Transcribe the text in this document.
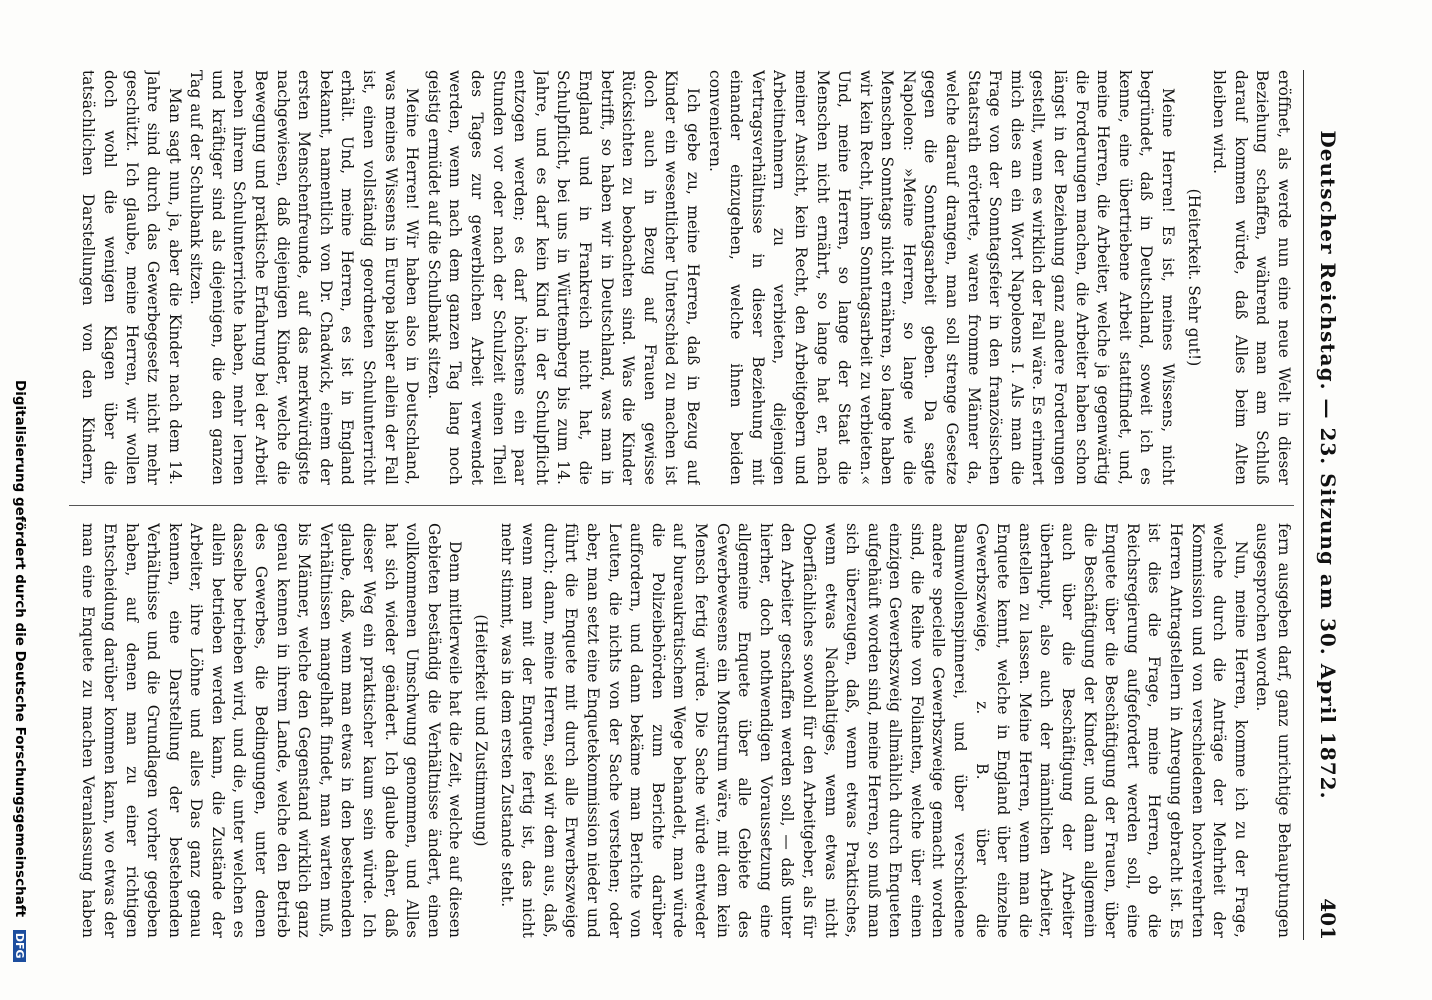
Deutscher Reichstag. — 23. Sitzung am 30. April 1872.
401

eröffnet, als werde nun eine neue Welt in dieser Beziehung schaffen, während man am Schluß darauf kommen würde, daß Alles beim Alten bleiben wird.

(Heiterkeit. Sehr gut!)

Meine Herren! Es ist, meines Wissens, nicht begründet, daß in Deutschland, soweit ich es kenne, eine übertriebene Arbeit stattfindet, und, meine Herren, die Arbeiter, welche ja gegenwärtig die Forderungen machen, die Arbeiter haben schon längst in der Beziehung ganz andere Forderungen gestellt, wenn es wirklich der Fall wäre. Es erinnert mich dies an ein Wort Napoleons I. Als man die Frage von der Sonntagsfeier in den französischen Staatsrath erörterte, waren fromme Männer da, welche darauf drangen, man soll strenge Gesetze gegen die Sonntagsarbeit geben. Da sagte Napoleon: »Meine Herren, so lange wie die Menschen Sonntags nicht ernähren, so lange haben wir kein Recht, ihnen Sonntagsarbeit zu verbieten.« Und, meine Herren, so lange der Staat die Menschen nicht ernährt, so lange hat er, nach meiner Ansicht, kein Recht, den Arbeitgebern und Arbeitnehmern zu verbieten, diejenigen Vertragsverhältnisse in dieser Beziehung mit einander einzugehen, welche ihnen beiden convenieren.

Ich gebe zu, meine Herren, daß in Bezug auf Kinder ein wesentlicher Unterschied zu machen ist doch auch in Bezug auf Frauen gewisse Rücksichten zu beobachten sind. Was die Kinder betrifft, so haben wir in Deutschland, was man in England und in Frankreich nicht hat, die Schulpflicht, bei uns in Württemberg bis zum 14. Jahre, und es darf kein Kind in der Schulpflicht entzogen werden; es darf höchstens ein paar Stunden vor oder nach der Schulzeit einen Theil des Tages zur gewerblichen Arbeit verwendet werden, wenn nach dem ganzen Tag lang noch geistig ermüdet auf die Schulbank sitzen.

Meine Herren! Wir haben also in Deutschland, was meines Wissens in Europa bisher allein der Fall ist, einen vollständig geordneten Schulunterricht erhält. Und, meine Herren, es ist in England bekannt, namentlich von Dr. Chadwick, einem der ersten Menschenfreunde, auf das merkwürdigste nachgewiesen, daß diejenigen Kinder, welche die Bewegung und praktische Erfahrung bei der Arbeit neben ihrem Schulunterrichte haben, mehr lernen und kräftiger sind als diejenigen, die den ganzen Tag auf der Schulbank sitzen.

Man sagt nun, ja, aber die Kinder nach dem 14. Jahre sind durch das Gewerbegesetz nicht mehr geschützt. Ich glaube, meine Herren, wir wollen doch wohl die wenigen Klagen über die tatsächlichen Darstellungen von den Kindern,

fern ausgeben darf, ganz unrichtige Behauptungen ausgesprochen worden.

Nun, meine Herren, komme ich zu der Frage, welche durch die Anträge der Mehrheit der Kommission und von verschiedenen hochverehrten Herren Antragstellern in Anregung gebracht ist. Es ist dies die Frage, meine Herren, ob die Reichsregierung aufgefordert werden soll, eine Enquete über die Beschäftigung der Frauen, über die Beschäftigung der Kinder, und dann allgemein auch über die Beschäftigung der Arbeiter überhaupt, also auch der männlichen Arbeiter, anstellen zu lassen. Meine Herren, wenn man die Enquete kennt, welche in England über einzelne Gewerbszweige, z. B. über die Baumwollenspinnerei, und über verschiedene andere specielle Gewerbszweige gemacht worden sind, die Reihe von Folianten, welche über einen einzigen Gewerbszweig allmählich durch Enqueten aufgehäuft worden sind, meine Herren, so muß man sich überzeugen, daß, wenn etwas Praktisches, wenn etwas Nachhaltiges, wenn etwas nicht Oberflächliches sowohl für den Arbeitgeber, als für den Arbeiter geschaffen werden soll, — daß unter hierher, doch nothwendigen Voraussetzung eine allgemeine Enquete über alle Gebiete des Gewerbewesens ein Monstrum wäre, mit dem kein Mensch fertig würde. Die Sache würde entweder auf bureaukratischem Wege behandelt, man würde die Polizeibehörden zum Berichte darüber auffordern, und dann bekäme man Berichte von Leuten, die nichts von der Sache verstehen; oder aber, man setzt eine Enquetekommission nieder und führt die Enquete mit durch alle Erwerbszweige durch; dann, meine Herren, seid wir dem aus, daß, wenn man mit der Enquete fertig ist, das nicht mehr stimmt, was in dem ersten Zustande steht.

(Heiterkeit und Zustimmung)

Denn mittlerweile hat die Zeit, welche auf diesen Gebieten beständig die Verhältnisse ändert, einen vollkommenen Umschwung genommen, und Alles hat sich wieder geändert. Ich glaube daher, daß dieser Weg ein praktischer kaum sein würde. Ich glaube, daß, wenn man etwas in den bestehenden Verhältnissen mangelhaft findet, man warten muß, bis Männer, welche den Gegenstand wirklich ganz genau kennen in ihrem Lande, welche den Betrieb des Gewerbes, die Bedingungen, unter denen dasselbe betrieben wird, und die, unter welchen es allein betrieben werden kann, die Zustände der Arbeiter, ihre Löhne und alles Das ganz genau kennen, eine Darstellung der bestehenden Verhältnisse und die Grundlagen vorher gegeben haben, auf denen man zu einer richtigen Entscheidung darüber kommen kann, wo etwas der man eine Enquete zu machen Veranlassung haben

Digitalisierung gefördert durch die Deutsche Forschungsgemeinschaft DFG
